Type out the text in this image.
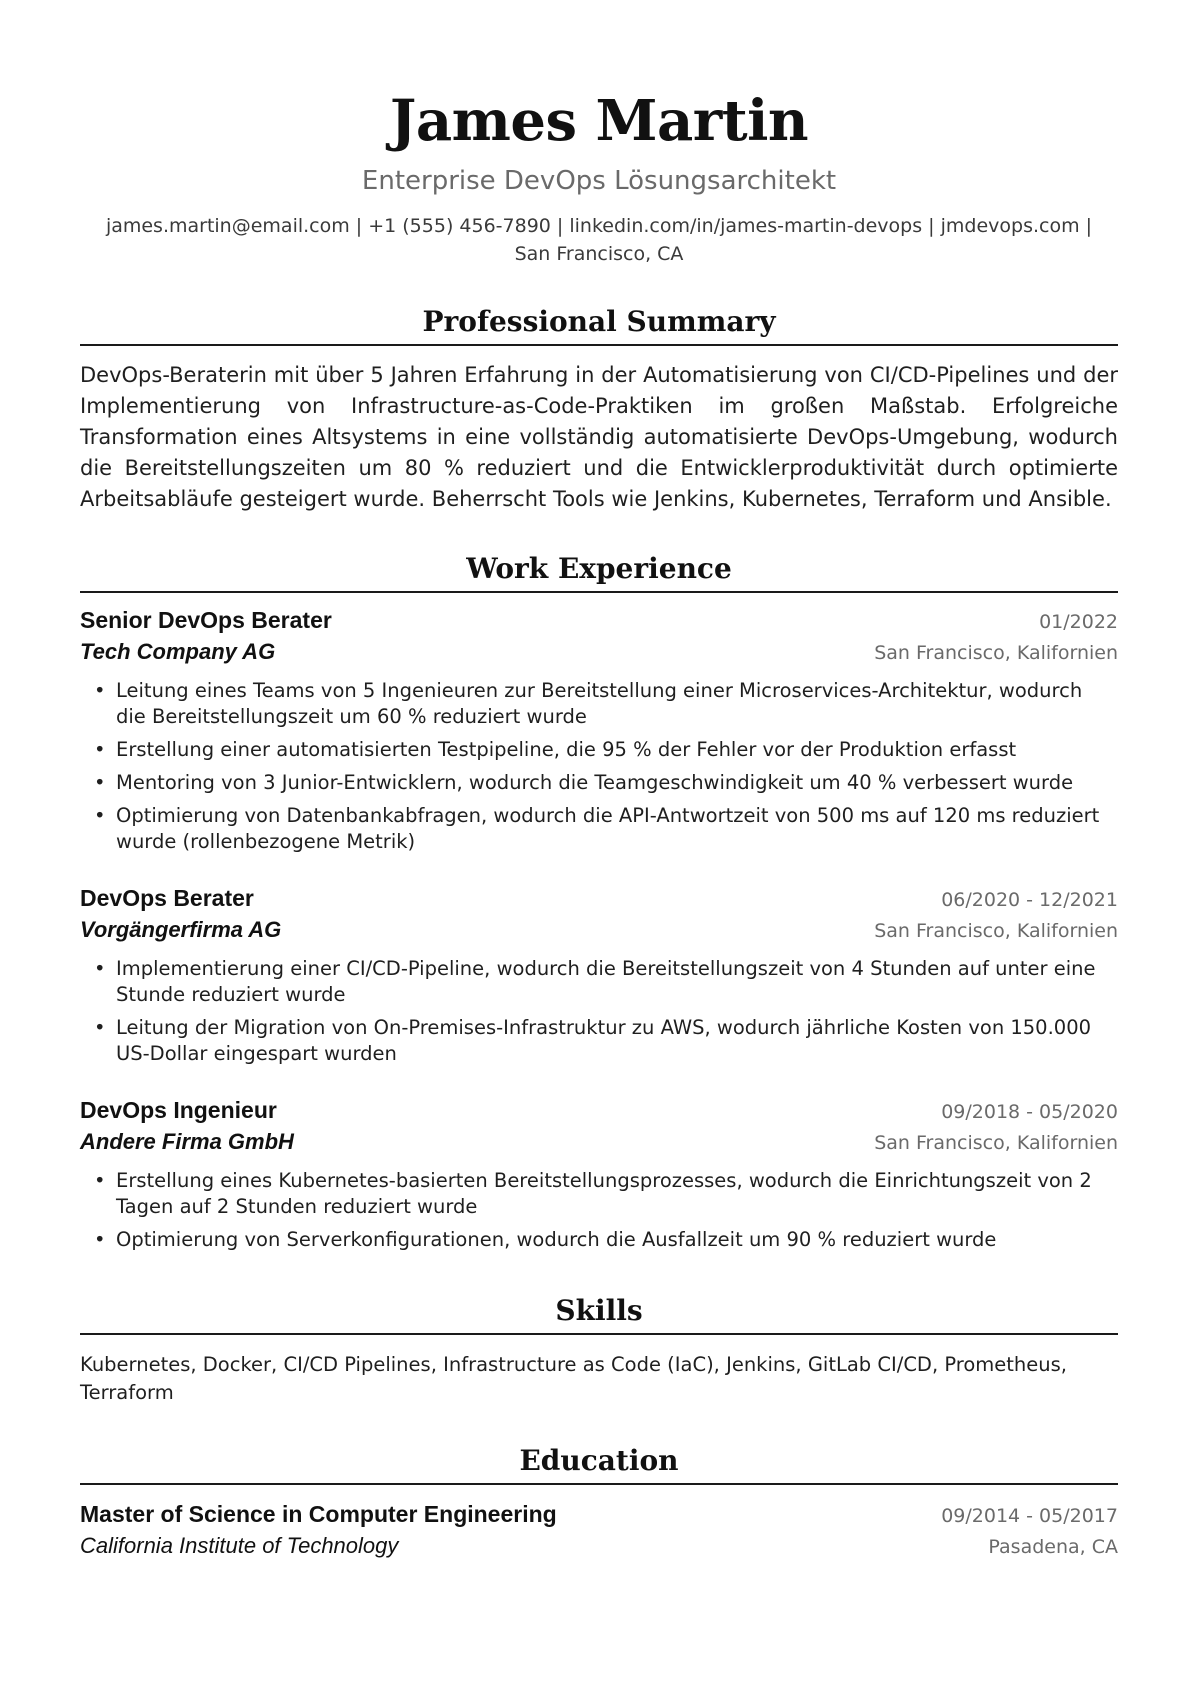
James Martin
Enterprise DevOps Lösungsarchitekt
james.martin@email.com | +1 (555) 456-7890 | linkedin.com/in/james-martin-devops | jmdevops.com | San Francisco, CA
Professional Summary
DevOps-Beraterin mit über 5 Jahren Erfahrung in der Automatisierung von CI/CD-Pipelines und der Implementierung von Infrastructure-as-Code-Praktiken im großen Maßstab. Erfolgreiche Transformation eines Altsystems in eine vollständig automatisierte DevOps-Umgebung, wodurch die Bereitstellungszeiten um 80 % reduziert und die Entwicklerproduktivität durch optimierte Arbeitsabläufe gesteigert wurde. Beherrscht Tools wie Jenkins, Kubernetes, Terraform und Ansible.
Work Experience
Senior DevOps Berater	01/2022
Tech Company AG	San Francisco, Kalifornien
• Leitung eines Teams von 5 Ingenieuren zur Bereitstellung einer Microservices-Architektur, wodurch die Bereitstellungszeit um 60 % reduziert wurde
• Erstellung einer automatisierten Testpipeline, die 95 % der Fehler vor der Produktion erfasst
• Mentoring von 3 Junior-Entwicklern, wodurch die Teamgeschwindigkeit um 40 % verbessert wurde
• Optimierung von Datenbankabfragen, wodurch die API-Antwortzeit von 500 ms auf 120 ms reduziert wurde (rollenbezogene Metrik)
DevOps Berater	06/2020 - 12/2021
Vorgängerfirma AG	San Francisco, Kalifornien
• Implementierung einer CI/CD-Pipeline, wodurch die Bereitstellungszeit von 4 Stunden auf unter eine Stunde reduziert wurde
• Leitung der Migration von On-Premises-Infrastruktur zu AWS, wodurch jährliche Kosten von 150.000 US-Dollar eingespart wurden
DevOps Ingenieur	09/2018 - 05/2020
Andere Firma GmbH	San Francisco, Kalifornien
• Erstellung eines Kubernetes-basierten Bereitstellungsprozesses, wodurch die Einrichtungszeit von 2 Tagen auf 2 Stunden reduziert wurde
• Optimierung von Serverkonfigurationen, wodurch die Ausfallzeit um 90 % reduziert wurde
Skills
Kubernetes, Docker, CI/CD Pipelines, Infrastructure as Code (IaC), Jenkins, GitLab CI/CD, Prometheus, Terraform
Education
Master of Science in Computer Engineering	09/2014 - 05/2017
California Institute of Technology	Pasadena, CA
